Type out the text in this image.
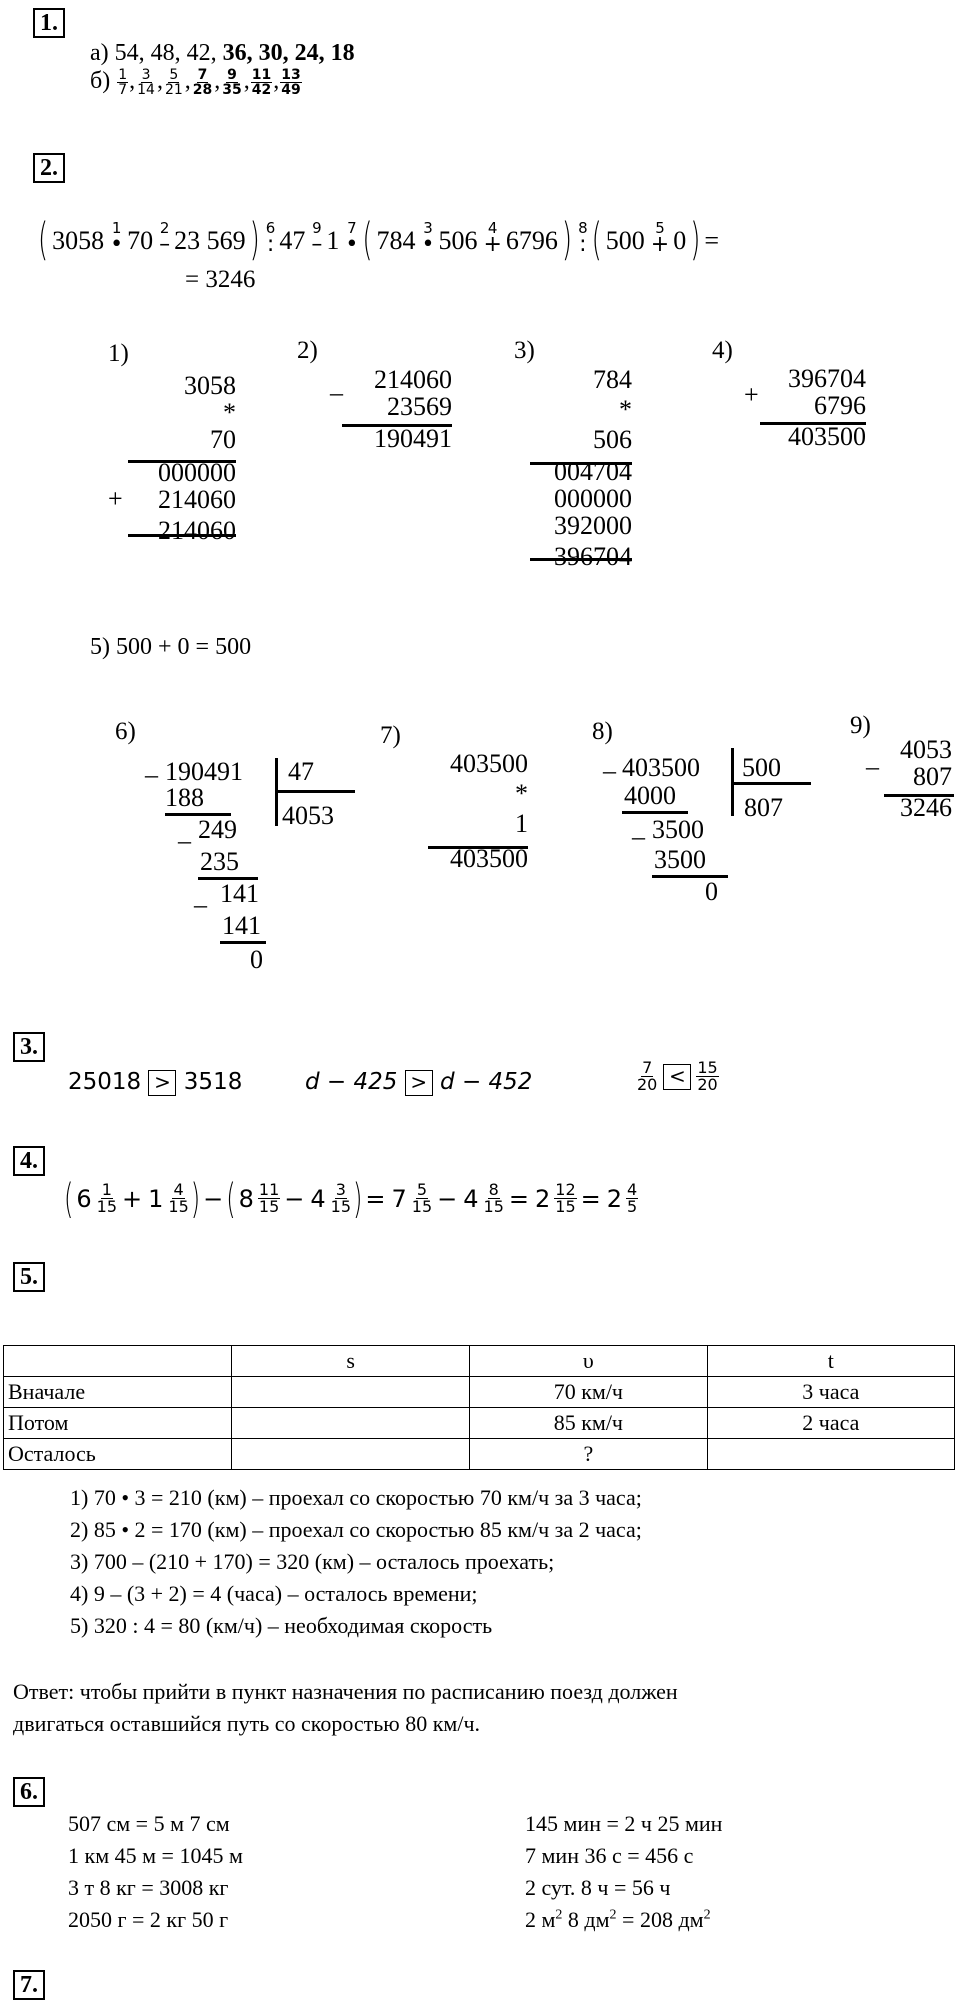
1.
а) 54, 48, 42, 36, 30, 24, 18
$б) \frac{1}{7}$ , $\frac{3}{14}$ , $\frac{5}{21}$ , $\frac{7}{28}$ , $\frac{9}{35}$ , $\frac{11}{42}$ , $\frac{13}{49}$
2.
( 3058 1
• 70 2
– 23 569 ) 6
: 47 9
– 1 7
• ( 784 3
• 506 4
+ 6796 ) 8
: ( 500 5
+ 0 ) =
= 3246
1)
3058
*
70
000000
214060
214060
+
2)
214060
23569
190491
–
3)
784
*
506
004704
000000
392000
396704
4)
396704
6796
403500
+
5) 500 + 0 = 500
6)
190491	47
4053
–
188
– 249
235
– 141
141
0
7)
403500
*
1
403500
8)
403500 500
807
–
4000
– 3500
3500
0
9)
4053
807
3246
–
3.
25018 > 3518	d − 425 > d − 452	$\frac{7}{20} < \frac{15}{20}$
4.
( $6 \frac{1}{15} + 1 \frac{4}{15}$ ) − ( $8 \frac{11}{15} - 4 \frac{3}{15}$ ) = $7 \frac{5}{15} - 4 \frac{8}{15} = 2 \frac{12}{15} = 2 \frac{4}{5}$
5.
	s	υ	t
Вначале		70 км/ч	3 часа
Потом		85 км/ч	2 часа
Осталось		?	
1) 70 • 3 = 210 (км) – проехал со скоростью 70 км/ч за 3 часа;
2) 85 • 2 = 170 (км) – проехал со скоростью 85 км/ч за 2 часа;
3) 700 – (210 + 170) = 320 (км) – осталось проехать;
4) 9 – (3 + 2) = 4 (часа) – осталось времени;
5) 320 : 4 = 80 (км/ч) – необходимая скорость
Ответ: чтобы прийти в пункт назначения по расписанию поезд должен
двигаться оставшийся путь со скоростью 80 км/ч.
6.
507 см = 5 м 7 см
1 км 45 м = 1045 м
3 т 8 кг = 3008 кг
2050 г = 2 кг 50 г
145 мин = 2 ч 25 мин
7 мин 36 с = 456 с
2 сут. 8 ч = 56 ч
2 $м^2$ 8 $дм^2 = 208$ $дм^2$
7.
